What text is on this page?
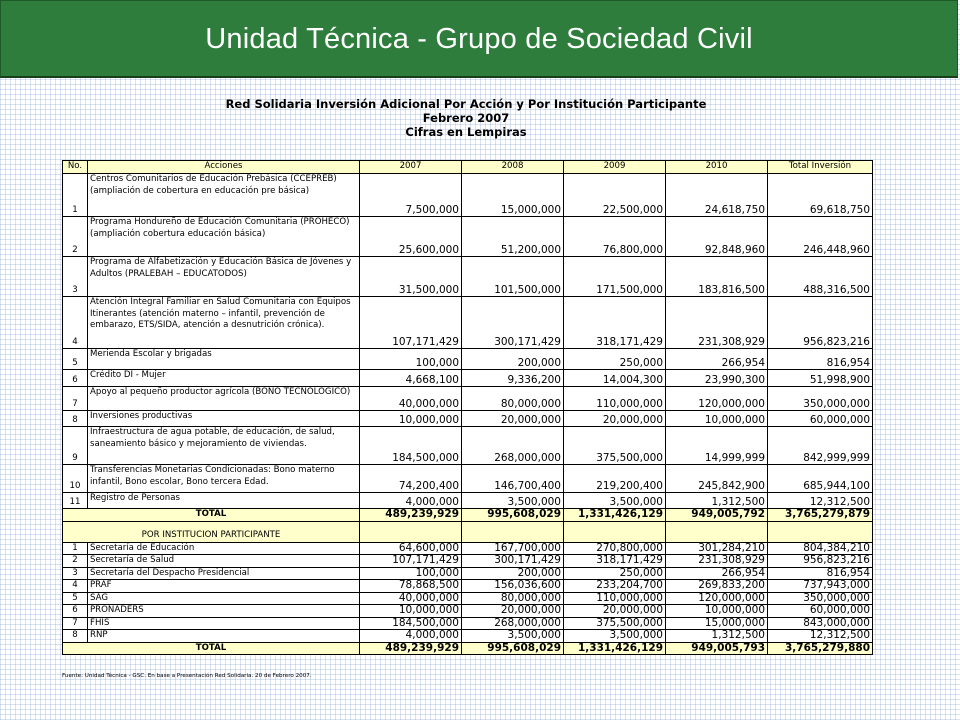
Unidad Técnica - Grupo de Sociedad Civil
Red Solidaria Inversión Adicional Por Acción y Por Institución Participante
Febrero 2007
Cifras en Lempiras
No.	Acciones	2007	2008	2009	2010	Total Inversión
1	Centros Comunitarios de Educación Prebásica (CCEPREB) (ampliación de cobertura en educación pre básica)	7,500,000	15,000,000	22,500,000	24,618,750	69,618,750
2	Programa Hondureño de Educación Comunitaria (PROHECO) (ampliación cobertura educación básica)	25,600,000	51,200,000	76,800,000	92,848,960	246,448,960
3	Programa de Alfabetización y Educación Básica de Jóvenes y Adultos (PRALEBAH – EDUCATODOS)	31,500,000	101,500,000	171,500,000	183,816,500	488,316,500
4	Atención Integral Familiar en Salud Comunitaria con Equipos Itinerantes (atención materno – infantil, prevención de embarazo, ETS/SIDA, atención a desnutrición crónica).	107,171,429	300,171,429	318,171,429	231,308,929	956,823,216
5	Merienda Escolar y brigadas	100,000	200,000	250,000	266,954	816,954
6	Crédito DI - Mujer	4,668,100	9,336,200	14,004,300	23,990,300	51,998,900
7	Apoyo al pequeño productor agrícola (BONO TECNOLOGICO)	40,000,000	80,000,000	110,000,000	120,000,000	350,000,000
8	Inversiones productivas	10,000,000	20,000,000	20,000,000	10,000,000	60,000,000
9	Infraestructura de agua potable, de educación, de salud, saneamiento básico y mejoramiento de viviendas.	184,500,000	268,000,000	375,500,000	14,999,999	842,999,999
10	Transferencias Monetarias Condicionadas: Bono materno infantil, Bono escolar, Bono tercera Edad.	74,200,400	146,700,400	219,200,400	245,842,900	685,944,100
11	Registro de Personas	4,000,000	3,500,000	3,500,000	1,312,500	12,312,500
TOTAL		489,239,929	995,608,029	1,331,426,129	949,005,792	3,765,279,879
POR INSTITUCION PARTICIPANTE						
1	Secretaría de Educación	64,600,000	167,700,000	270,800,000	301,284,210	804,384,210
2	Secretaría de Salud	107,171,429	300,171,429	318,171,429	231,308,929	956,823,216
3	Secretaría del Despacho Presidencial	100,000	200,000	250,000	266,954	816,954
4	PRAF	78,868,500	156,036,600	233,204,700	269,833,200	737,943,000
5	SAG	40,000,000	80,000,000	110,000,000	120,000,000	350,000,000
6	PRONADERS	10,000,000	20,000,000	20,000,000	10,000,000	60,000,000
7	FHIS	184,500,000	268,000,000	375,500,000	15,000,000	843,000,000
8	RNP	4,000,000	3,500,000	3,500,000	1,312,500	12,312,500
TOTAL		489,239,929	995,608,029	1,331,426,129	949,005,793	3,765,279,880
Fuente: Unidad Técnica - GSC. En base a Presentación Red Solidaria. 20 de Febrero 2007.
